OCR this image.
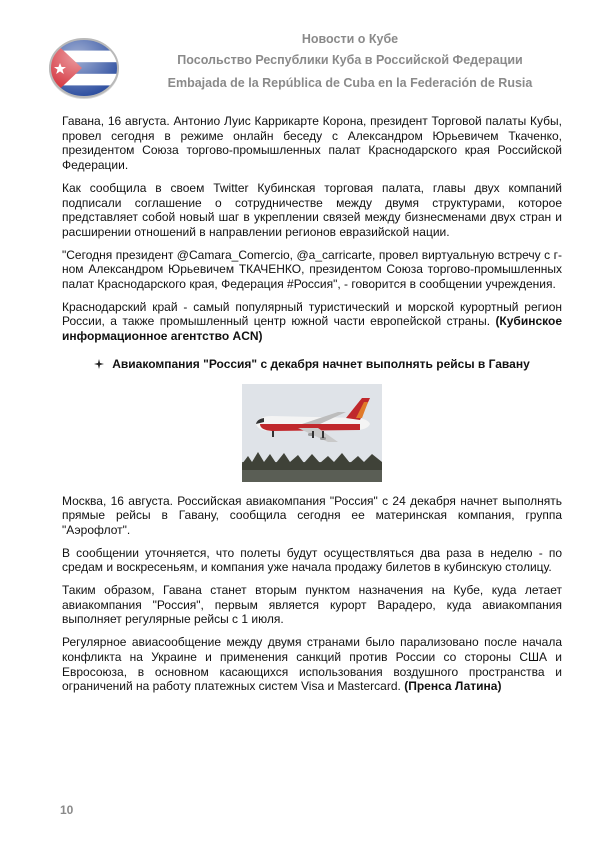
Новости о Кубе
Посольство Республики Куба в Российской Федерации
Embajada de la República de Cuba en la Federación de Rusia

Гавана, 16 августа. Антонио Луис Каррикарте Корона, президент Торговой палаты Кубы, провел сегодня в режиме онлайн беседу с Александром Юрьевичем Ткаченко, президентом Союза торгово-промышленных палат Краснодарского края Российской Федерации.

Как сообщила в своем Twitter Кубинская торговая палата, главы двух компаний подписали соглашение о сотрудничестве между двумя структурами, которое представляет собой новый шаг в укреплении связей между бизнесменами двух стран и расширении отношений в направлении регионов евразийской нации.

"Сегодня президент @Camara_Comercio, @a_carricarte, провел виртуальную встречу с г-ном Александром Юрьевичем ТКАЧЕНКО, президентом Союза торгово-промышленных палат Краснодарского края, Федерация #Россия", - говорится в сообщении учреждения.

Краснодарский край - самый популярный туристический и морской курортный регион России, а также промышленный центр южной части европейской страны. (Кубинское информационное агентство ACN)

Авиакомпания "Россия" с декабря начнет выполнять рейсы в Гавану

Москва, 16 августа. Российская авиакомпания "Россия" с 24 декабря начнет выполнять прямые рейсы в Гавану, сообщила сегодня ее материнская компания, группа "Аэрофлот".

В сообщении уточняется, что полеты будут осуществляться два раза в неделю - по средам и воскресеньям, и компания уже начала продажу билетов в кубинскую столицу.

Таким образом, Гавана станет вторым пунктом назначения на Кубе, куда летает авиакомпания "Россия", первым является курорт Варадеро, куда авиакомпания выполняет регулярные рейсы с 1 июля.

Регулярное авиасообщение между двумя странами было парализовано после начала конфликта на Украине и применения санкций против России со стороны США и Евросоюза, в основном касающихся использования воздушного пространства и ограничений на работу платежных систем Visa и Mastercard. (Пренса Латина)

10
